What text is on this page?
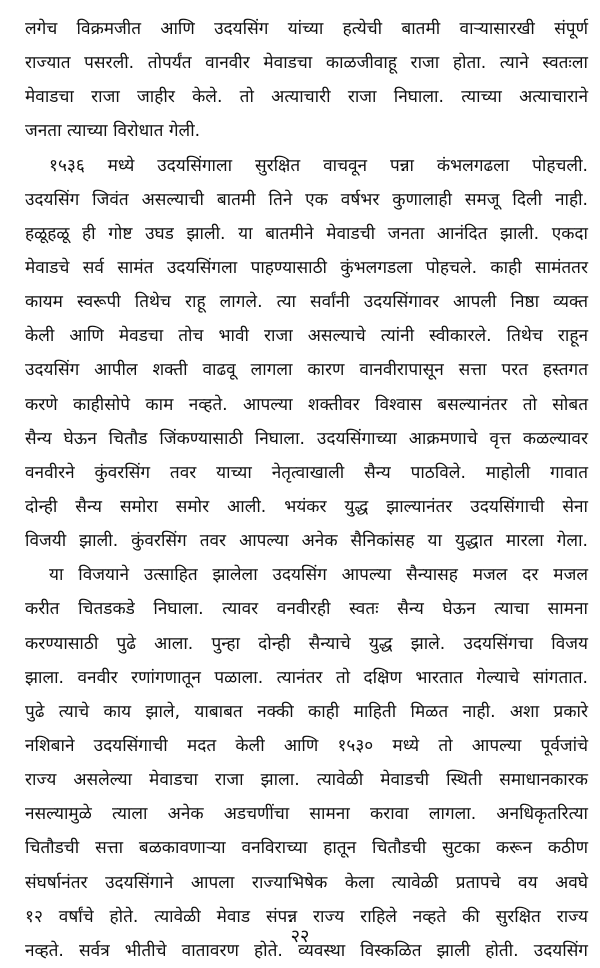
लगेच विक्रमजीत आणि उदयसिंग यांच्या हत्येची बातमी वाऱ्यासारखी संपूर्ण
राज्यात पसरली. तोपर्यंत वानवीर मेवाडचा काळजीवाहू राजा होता. त्याने स्वतःला
मेवाडचा राजा जाहीर केले. तो अत्याचारी राजा निघाला. त्याच्या अत्याचाराने
जनता त्याच्या विरोधात गेली.
१५३६ मध्ये उदयसिंगाला सुरक्षित वाचवून पन्ना कंभलगढला पोहचली.
उदयसिंग जिवंत असल्याची बातमी तिने एक वर्षभर कुणालाही समजू दिली नाही.
हळूहळू ही गोष्ट उघड झाली. या बातमीने मेवाडची जनता आनंदित झाली. एकदा
मेवाडचे सर्व सामंत उदयसिंगला पाहण्यासाठी कुंभलगडला पोहचले. काही सामंततर
कायम स्वरूपी तिथेच राहू लागले. त्या सर्वांनी उदयसिंगावर आपली निष्ठा व्यक्त
केली आणि मेवडचा तोच भावी राजा असल्याचे त्यांनी स्वीकारले. तिथेच राहून
उदयसिंग आपील शक्ती वाढवू लागला कारण वानवीरापासून सत्ता परत हस्तगत
करणे काहीसोपे काम नव्हते. आपल्या शक्तीवर विश्वास बसल्यानंतर तो सोबत
सैन्य घेऊन चितौड जिंकण्यासाठी निघाला. उदयसिंगाच्या आक्रमणाचे वृत्त कळल्यावर
वनवीरने कुंवरसिंग तवर याच्या नेतृत्वाखाली सैन्य पाठविले. माहोली गावात
दोन्ही सैन्य समोरा समोर आली. भयंकर युद्ध झाल्यानंतर उदयसिंगाची सेना
विजयी झाली. कुंवरसिंग तवर आपल्या अनेक सैनिकांसह या युद्धात मारला गेला.
या विजयाने उत्साहित झालेला उदयसिंग आपल्या सैन्यासह मजल दर मजल
करीत चितडकडे निघाला. त्यावर वनवीरही स्वतः सैन्य घेऊन त्याचा सामना
करण्यासाठी पुढे आला. पुन्हा दोन्ही सैन्याचे युद्ध झाले. उदयसिंगचा विजय
झाला. वनवीर रणांगणातून पळाला. त्यानंतर तो दक्षिण भारतात गेल्याचे सांगतात.
पुढे त्याचे काय झाले, याबाबत नक्की काही माहिती मिळत नाही. अशा प्रकारे
नशिबाने उदयसिंगाची मदत केली आणि १५३० मध्ये तो आपल्या पूर्वजांचे
राज्य असलेल्या मेवाडचा राजा झाला. त्यावेळी मेवाडची स्थिती समाधानकारक
नसल्यामुळे त्याला अनेक अडचणींचा सामना करावा लागला. अनधिकृतरित्या
चितौडची सत्ता बळकावणाऱ्या वनविराच्या हातून चितौडची सुटका करून कठीण
संघर्षानंतर उदयसिंगाने आपला राज्याभिषेक केला त्यावेळी प्रतापचे वय अवघे
१२ वर्षांचे होते. त्यावेळी मेवाड संपन्न राज्य राहिले नव्हते की सुरक्षित राज्य
नव्हते. सर्वत्र भीतीचे वातावरण होते. व्यवस्था विस्कळित झाली होती. उदयसिंग
२२
